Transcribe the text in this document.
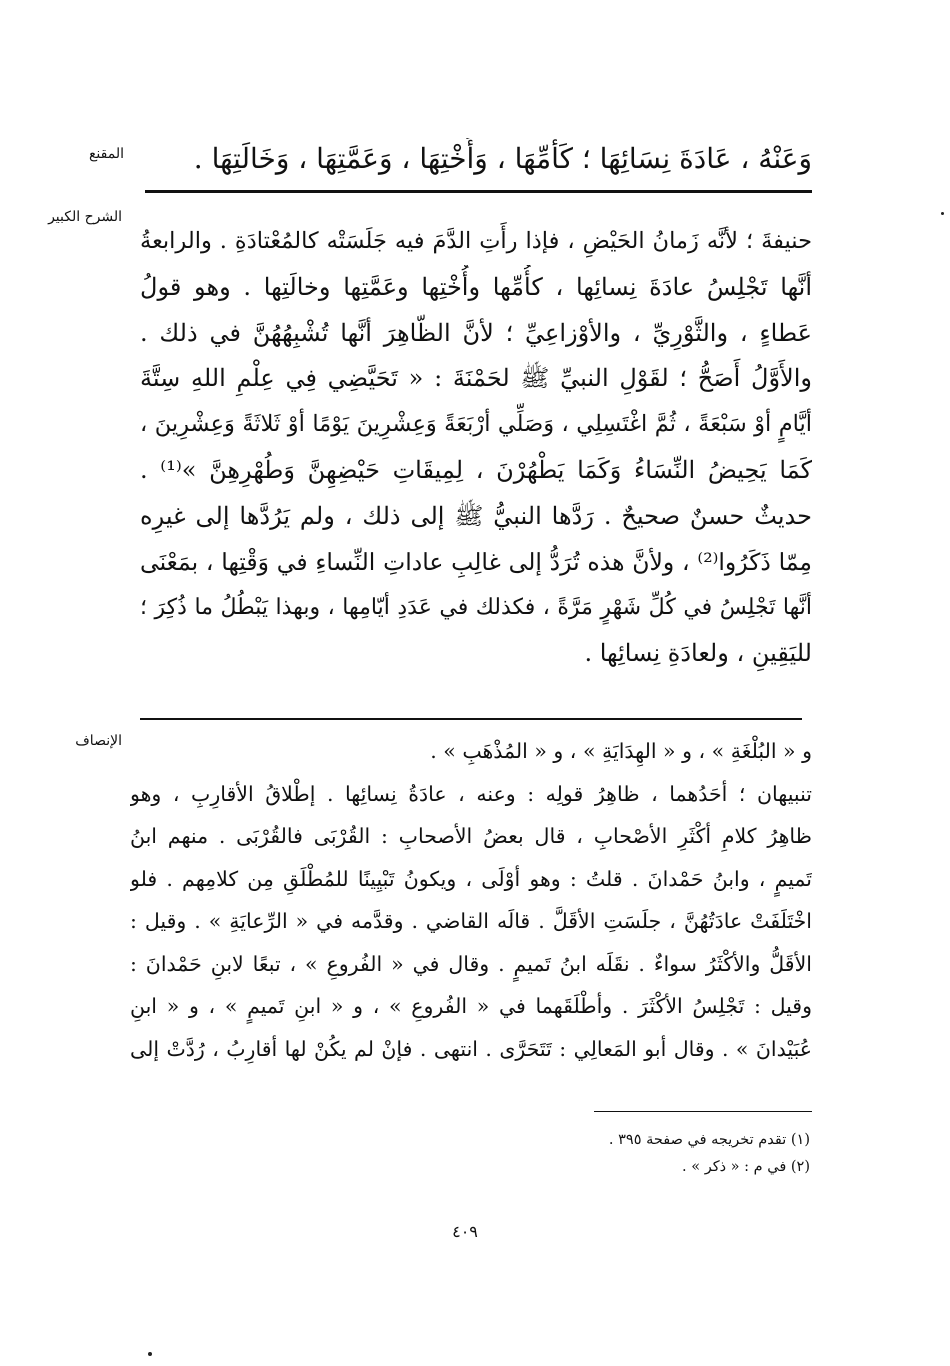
المقنع
الشرح الكبير
الإنصاف
وَعَنْهُ ، عَادَةَ نِسَائِهَا ؛ كَأُمِّهَا ، وَأُخْتِهَا ، وَعَمَّتِهَا ، وَخَالَتِهَا .
حنيفةَ ؛ لأنَّه زَمانُ الحَيْضِ ، فإذا رأَتِ الدَّمَ فيه جَلَسَتْه كالمُعْتادَةِ . والرابعةُ
أنَّها تَجْلِسُ عادَةَ نِسائِها ، كأُمِّها وأُخْتِها وعَمَّتِها وخالَتِها . وهو قولُ
عَطاءٍ ، والثَّوْرِيِّ ، والأوْزاعِيِّ ؛ لأنَّ الظّاهِرَ أنَّها تُشْبِهُهُنَّ في ذلك .
والأَوَّلُ أَصَحُّ ؛ لقَوْلِ النبيِّ ﷺ لحَمْنَةَ : « تَحَيَّضِي فِي عِلْمِ اللهِ سِتَّةَ
أيَّامٍ أوْ سَبْعَةً ، ثُمَّ اغْتَسِلِي ، وَصَلِّي أرْبَعَةً وَعِشْرِينَ يَوْمًا أوْ ثَلاثَةً وَعِشْرِينَ ،
كَمَا يَحِيضُ النِّسَاءُ وَكَمَا يَطْهُرْنَ ، لِمِيقَاتِ حَيْضِهِنَّ وَطُهْرِهِنَّ »⁽¹⁾ .
حديثٌ حسنٌ صحيحٌ . رَدَّها النبيُّ ﷺ إلى ذلك ، ولم يَرُدَّها إلى غيرِه
مِمّا ذَكَرُوا⁽²⁾ ، ولأنَّ هذه تُرَدُّ إلى غالِبِ عاداتِ النِّساءِ في وَقْتِها ، بمَعْنَى
أنَّها تَجْلِسُ في كُلِّ شَهْرٍ مَرَّةً ، فكذلك في عَدَدِ أيّامِها ، وبهذا يَبْطُلُ ما ذُكِرَ ؛
لليَقِينِ ، ولعادَةِ نِسائِها .
و « البُلْغَةِ » ، و « الهِدَايَةِ » ، و « المُذْهَبِ » .
تنبيهان ؛ أحَدُهما ، ظاهِرُ قولِه : وعنه ، عادَةُ نِسائِها . إطْلاقُ الأقارِبِ ، وهو
ظاهِرُ كلامِ أكْثَرِ الأصْحابِ ، قال بعضُ الأصحابِ : القُرْبَى فالقُرْبَى . منهم ابنُ
تَميمٍ ، وابنُ حَمْدانَ . قلتُ : وهو أوْلَى ، ويكونُ تَبْيِينًا للمُطْلَقِ مِن كلامِهم . فلو
اخْتَلَفَتْ عادَتُهُنَّ ، جلَسَتِ الأقَلَّ . قالَه القاضي . وقدَّمه في « الرِّعايَةِ » . وقيل :
الأقَلُّ والأكْثَرُ سواءٌ . نقَلَه ابنُ تَميمٍ . وقال في « الفُروعِ » ، تبعًا لابنِ حَمْدانَ :
وقيل : تَجْلِسُ الأكْثَرَ . وأطْلَقَهما في « الفُروعِ » ، و « ابنِ تَميمٍ » ، و « ابنِ
عُبَيْدانَ » . وقال أبو المَعالِي : تَتَحَرَّى . انتهى . فإنْ لم يكُنْ لها أقارِبُ ، رُدَّتْ إلى
(١) تقدم تخريجه في صفحة ٣٩٥ .
(٢) في م : « ذكر » .
٤٠٩
